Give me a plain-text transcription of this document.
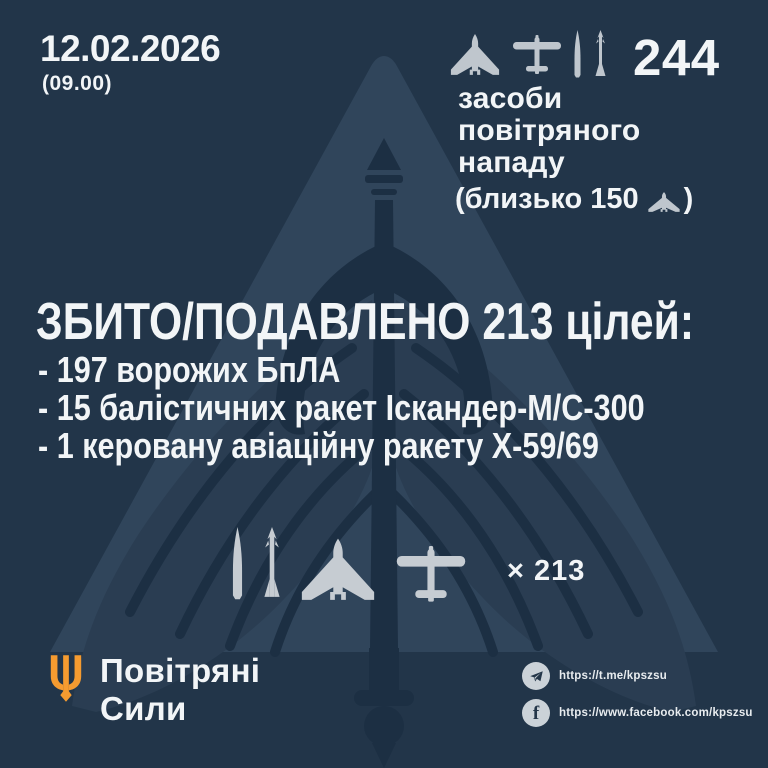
12.02.2026
(09.00)	244
засоби
повітряного
нападу
(близько 150 )
ЗБИТО/ПОДАВЛЕНО 213 цілей:
- 197 ворожих БпЛА
- 15 балістичних ракет Іскандер-М/С-300
- 1 керовану авіаційну ракету Х-59/69
× 213
Повітряні
Сили
https://t.me/kpszsu
f https://www.facebook.com/kpszsu
